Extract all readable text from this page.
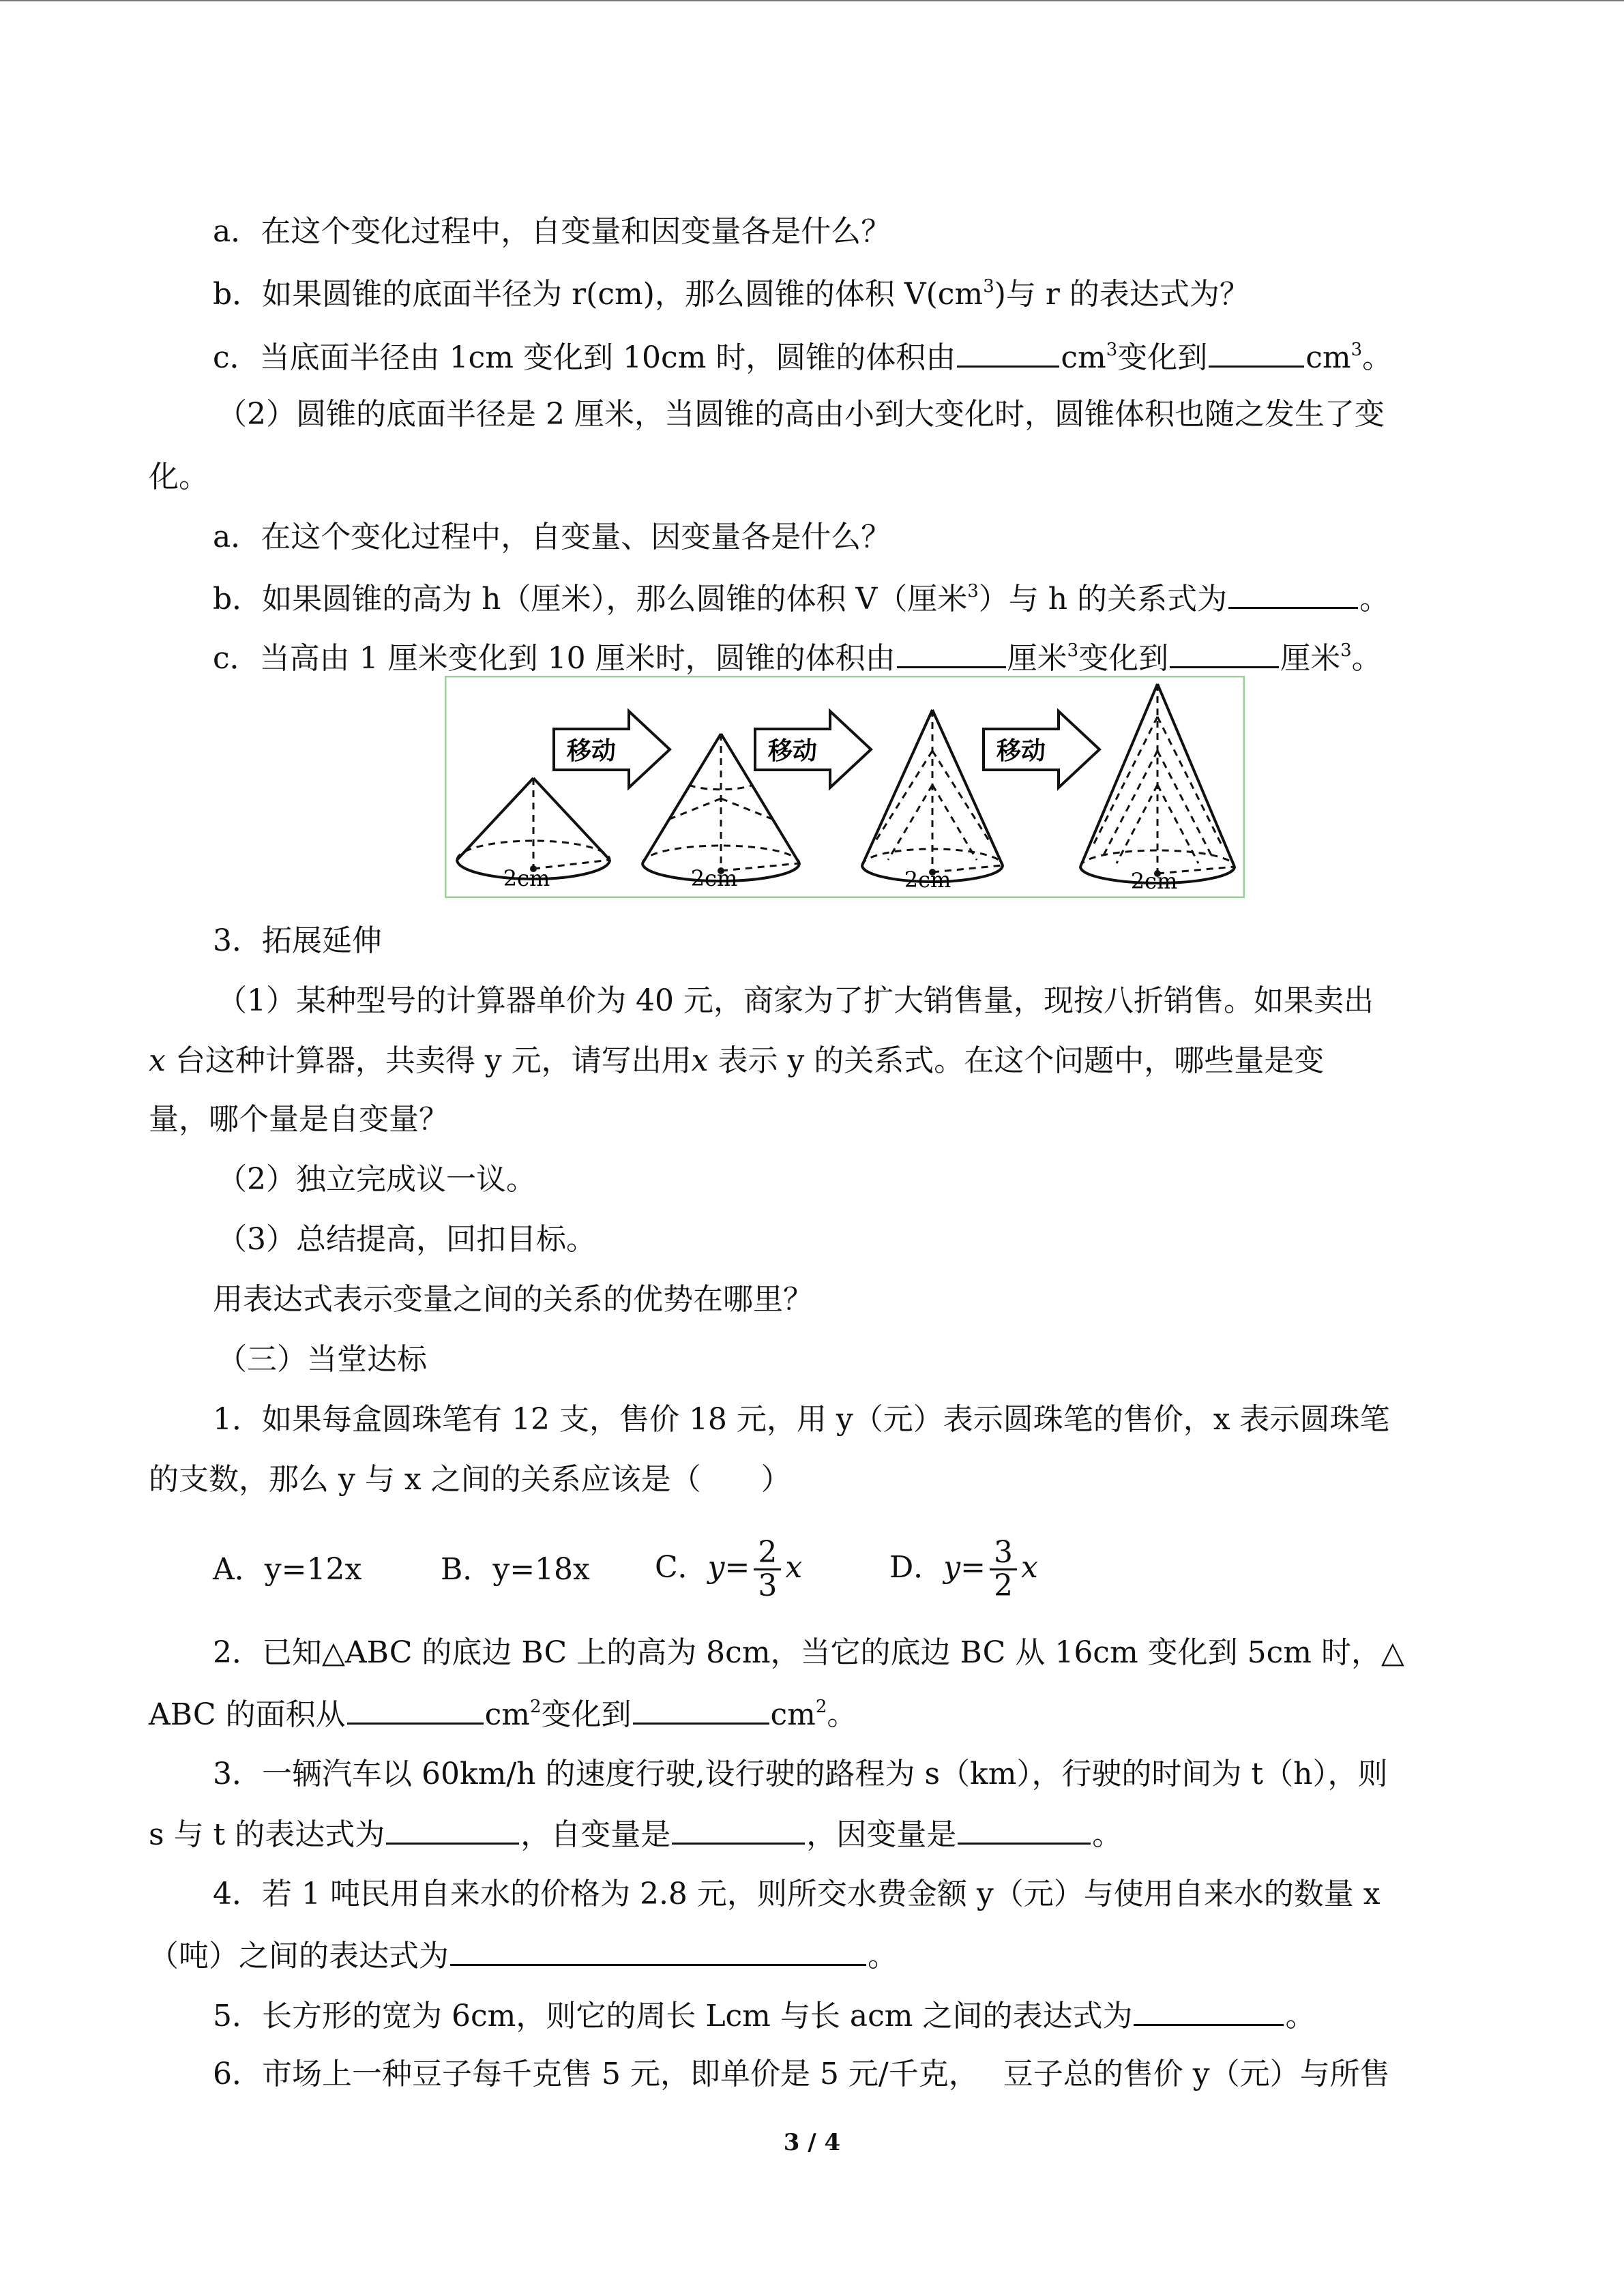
a．在这个变化过程中，自变量和因变量各是什么？
b．如果圆锥的底面半径为 r(cm)，那么圆锥的体积 $V(cm^3)$与 r 的表达式为？
c．当底面半径由 1cm 变化到 10cm 时，圆锥的体积由	$cm^3$变化到	$cm^3$。
（2）圆锥的底面半径是 2 厘米，当圆锥的高由小到大变化时，圆锥体积也随之发生了变
化。
a．在这个变化过程中，自变量、因变量各是什么？
b．如果圆锥的高为 h（厘米），那么圆锥的体积 V（厘米$^3$）与 h 的关系式为	。
c．当高由 1 厘米变化到 10 厘米时，圆锥的体积由	厘米$^3$变化到	厘米$^3$。
2cm
移动
2cm
移动
2cm
移动
2cm
3．拓展延伸
（1）某种型号的计算器单价为 40 元，商家为了扩大销售量，现按八折销售。如果卖出
x 台这种计算器，共卖得 y 元，请写出用x 表示 y 的关系式。在这个问题中，哪些量是变
量，哪个量是自变量？
（2）独立完成议一议。
（3）总结提高，回扣目标。
用表达式表示变量之间的关系的优势在哪里？
（三）当堂达标
1．如果每盒圆珠笔有 12 支，售价 18 元，用 y（元）表示圆珠笔的售价，x 表示圆珠笔
的支数，那么 y 与 x 之间的关系应该是（　　）
A．y=12x	B．y=18x C．$y= \frac{2}{3}$ x	D．$y= \frac{3}{2}$ x
2．已知△ABC 的底边 BC 上的高为 8cm，当它的底边 BC 从 16cm 变化到 5cm 时，△
ABC 的面积从	$cm^2$变化到	$cm^2$。
3．一辆汽车以 60km/h 的速度行驶,设行驶的路程为 s（km），行驶的时间为 t（h），则
s 与 t 的表达式为	，自变量是	，因变量是	。
4．若 1 吨民用自来水的价格为 2.8 元，则所交水费金额 y（元）与使用自来水的数量 x
（吨）之间的表达式为	。
5．长方形的宽为 6cm，则它的周长 Lcm 与长 acm 之间的表达式为	。
6．市场上一种豆子每千克售 5 元，即单价是 5 元/千克，　 豆子总的售价 y（元）与所售
3 / 4
